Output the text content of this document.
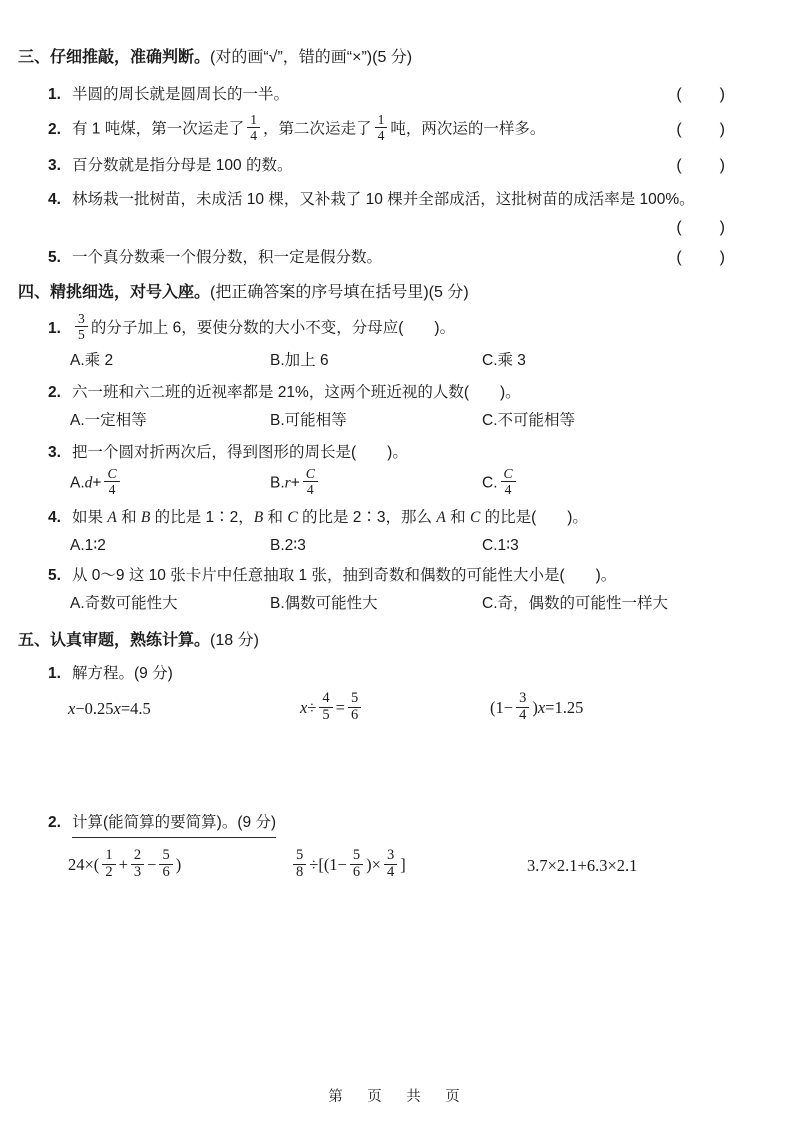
三、仔细推敲，准确判断。(对的画“√”，错的画“×”)(5 分)
1. 半圆的周长就是圆周长的一半。	(　　)
2. 有 1 吨煤，第一次运走了 $\frac{1}{4}$ ，第二次运走了 $\frac{1}{4}$ 吨，两次运的一样多。	(　　)
3. 百分数就是指分母是 100 的数。	(　　)
4. 林场栽一批树苗，未成活 10 棵，又补栽了 10 棵并全部成活，这批树苗的成活率是 100%。
(　　)
5. 一个真分数乘一个假分数，积一定是假分数。	(　　)
四、精挑细选，对号入座。(把正确答案的序号填在括号里)(5 分)
1.	$\frac{3}{5}$ 的分子加上 6，要使分数的大小不变，分母应(　　)。
A.乘 2	B.加上 6	C.乘 3
2. 六一班和六二班的近视率都是 21%，这两个班近视的人数(　　)。
A.一定相等	B.可能相等	C.不可能相等
3. 把一个圆对折两次后，得到图形的周长是(　　)。
$A.d+ \frac{C}{4}$	$B.r+ \frac{C}{4}$	C. $\frac{C}{4}$
4. 如果 A 和 B 的比是 1∶2，B 和 C 的比是 2∶3，那么 A 和 C 的比是(　　)。
A.1∶2	B.2∶3	C.1∶3
5. 从 0～9 这 10 张卡片中任意抽取 1 张，抽到奇数和偶数的可能性大小是(　　)。
A.奇数可能性大	B.偶数可能性大	C.奇，偶数的可能性一样大
五、认真审题，熟练计算。(18 分)
1. 解方程。(9 分)
x−0.25x=4.5	$x\div \frac{4}{5} = \frac{5}{6}$	$(1- \frac{3}{4} )x=1.25$
2. 计算(能简算的要简算)。(9 分)
$24\times( \frac{1}{2} + \frac{2}{3} - \frac{5}{6}$ )	$\frac{5}{8} \div[(1- \frac{5}{6}$ )× $\frac{3}{4}$ ]	3.7×2.1+6.3×2.1
第　页　共　页
